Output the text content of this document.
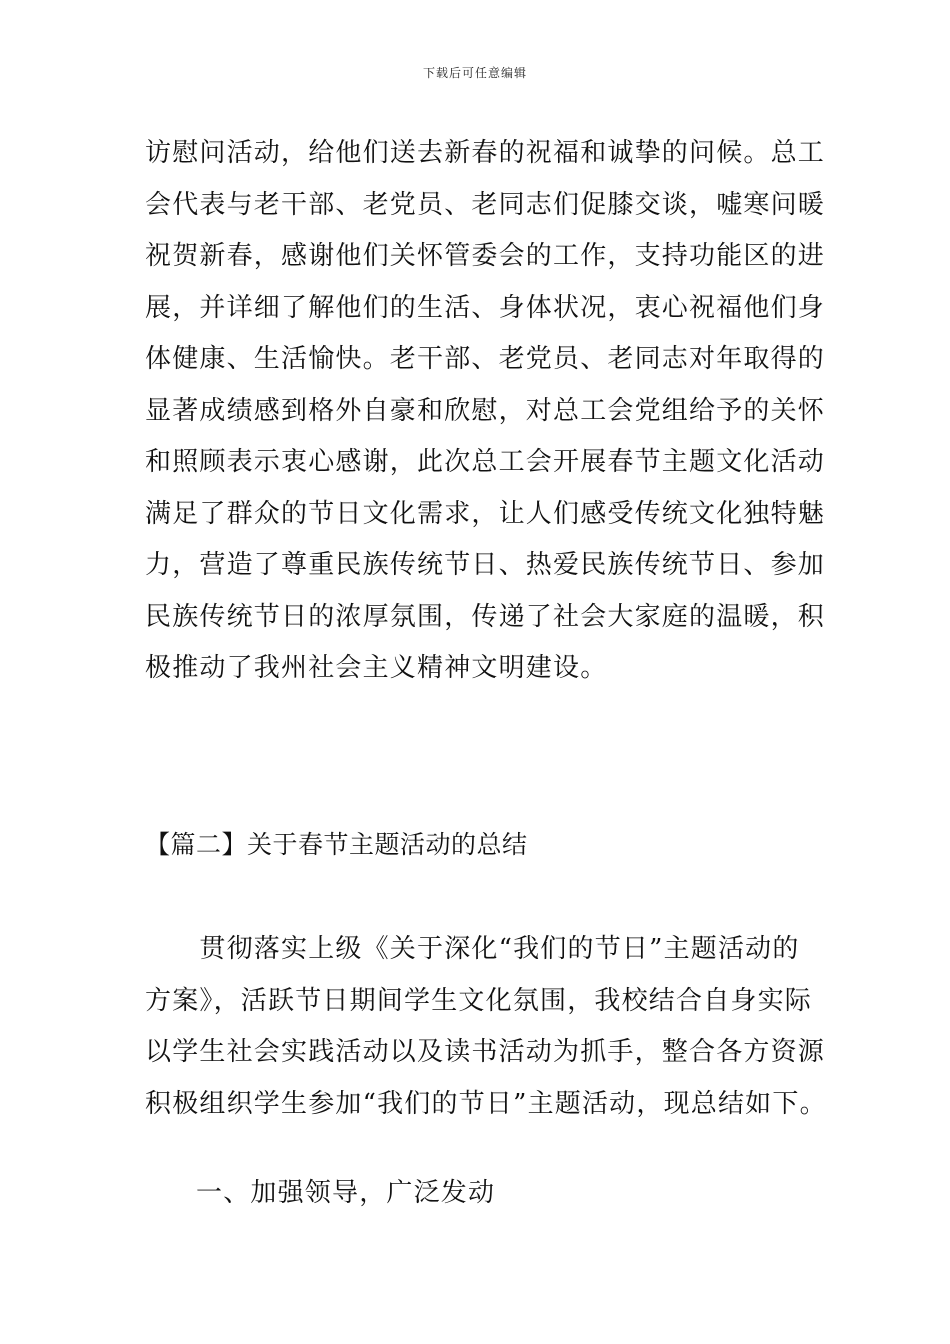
下载后可任意编辑
访慰问活动，给他们送去新春的祝福和诚挚的问候。总工
会代表与老干部、老党员、老同志们促膝交谈，嘘寒问暖
祝贺新春，感谢他们关怀管委会的工作，支持功能区的进
展，并详细了解他们的生活、身体状况，衷心祝福他们身
体健康、生活愉快。老干部、老党员、老同志对年取得的
显著成绩感到格外自豪和欣慰，对总工会党组给予的关怀
和照顾表示衷心感谢，此次总工会开展春节主题文化活动
满足了群众的节日文化需求，让人们感受传统文化独特魅
力，营造了尊重民族传统节日、热爱民族传统节日、参加
民族传统节日的浓厚氛围，传递了社会大家庭的温暖，积
极推动了我州社会主义精神文明建设。
【篇二】关于春节主题活动的总结
　　贯彻落实上级《关于深化“我们的节日”主题活动的
方案》，活跃节日期间学生文化氛围，我校结合自身实际
以学生社会实践活动以及读书活动为抓手，整合各方资源
积极组织学生参加“我们的节日”主题活动，现总结如下。
一、加强领导，广泛发动
